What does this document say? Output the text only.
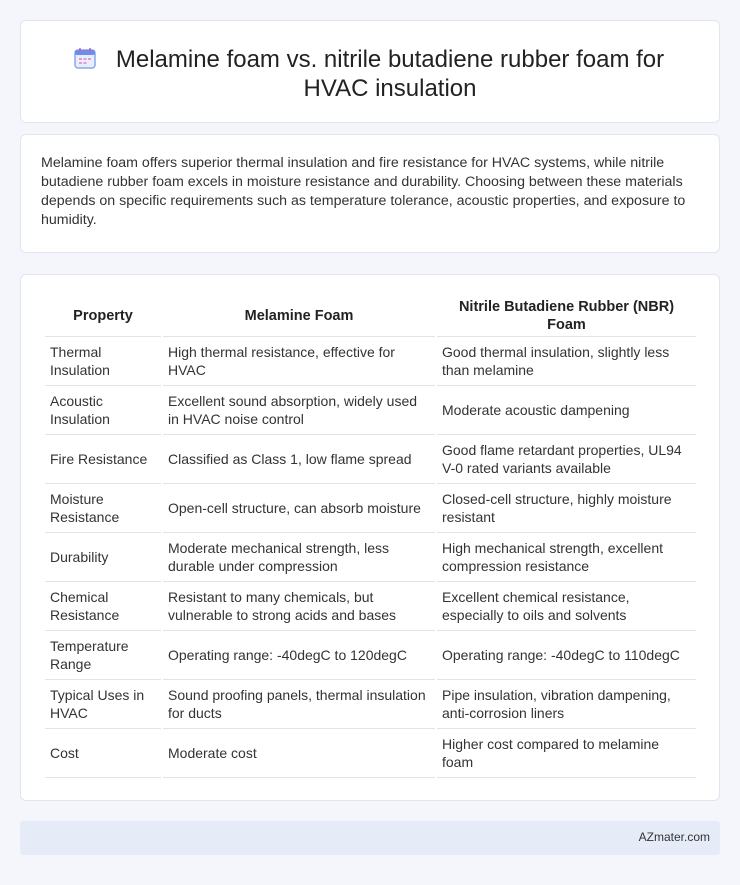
Melamine foam vs. nitrile butadiene rubber foam for HVAC insulation

Melamine foam offers superior thermal insulation and fire resistance for HVAC systems, while nitrile butadiene rubber foam excels in moisture resistance and durability. Choosing between these materials depends on specific requirements such as temperature tolerance, acoustic properties, and exposure to humidity.

Property	Melamine Foam	Nitrile Butadiene Rubber (NBR) Foam
Thermal Insulation	High thermal resistance, effective for HVAC	Good thermal insulation, slightly less than melamine
Acoustic Insulation	Excellent sound absorption, widely used in HVAC noise control	Moderate acoustic dampening
Fire Resistance	Classified as Class 1, low flame spread	Good flame retardant properties, UL94 V-0 rated variants available
Moisture Resistance	Open-cell structure, can absorb moisture	Closed-cell structure, highly moisture resistant
Durability	Moderate mechanical strength, less durable under compression	High mechanical strength, excellent compression resistance
Chemical Resistance	Resistant to many chemicals, but vulnerable to strong acids and bases	Excellent chemical resistance, especially to oils and solvents
Temperature Range	Operating range: -40degC to 120degC	Operating range: -40degC to 110degC
Typical Uses in HVAC	Sound proofing panels, thermal insulation for ducts	Pipe insulation, vibration dampening, anti-corrosion liners
Cost	Moderate cost	Higher cost compared to melamine foam
AZmater.com
